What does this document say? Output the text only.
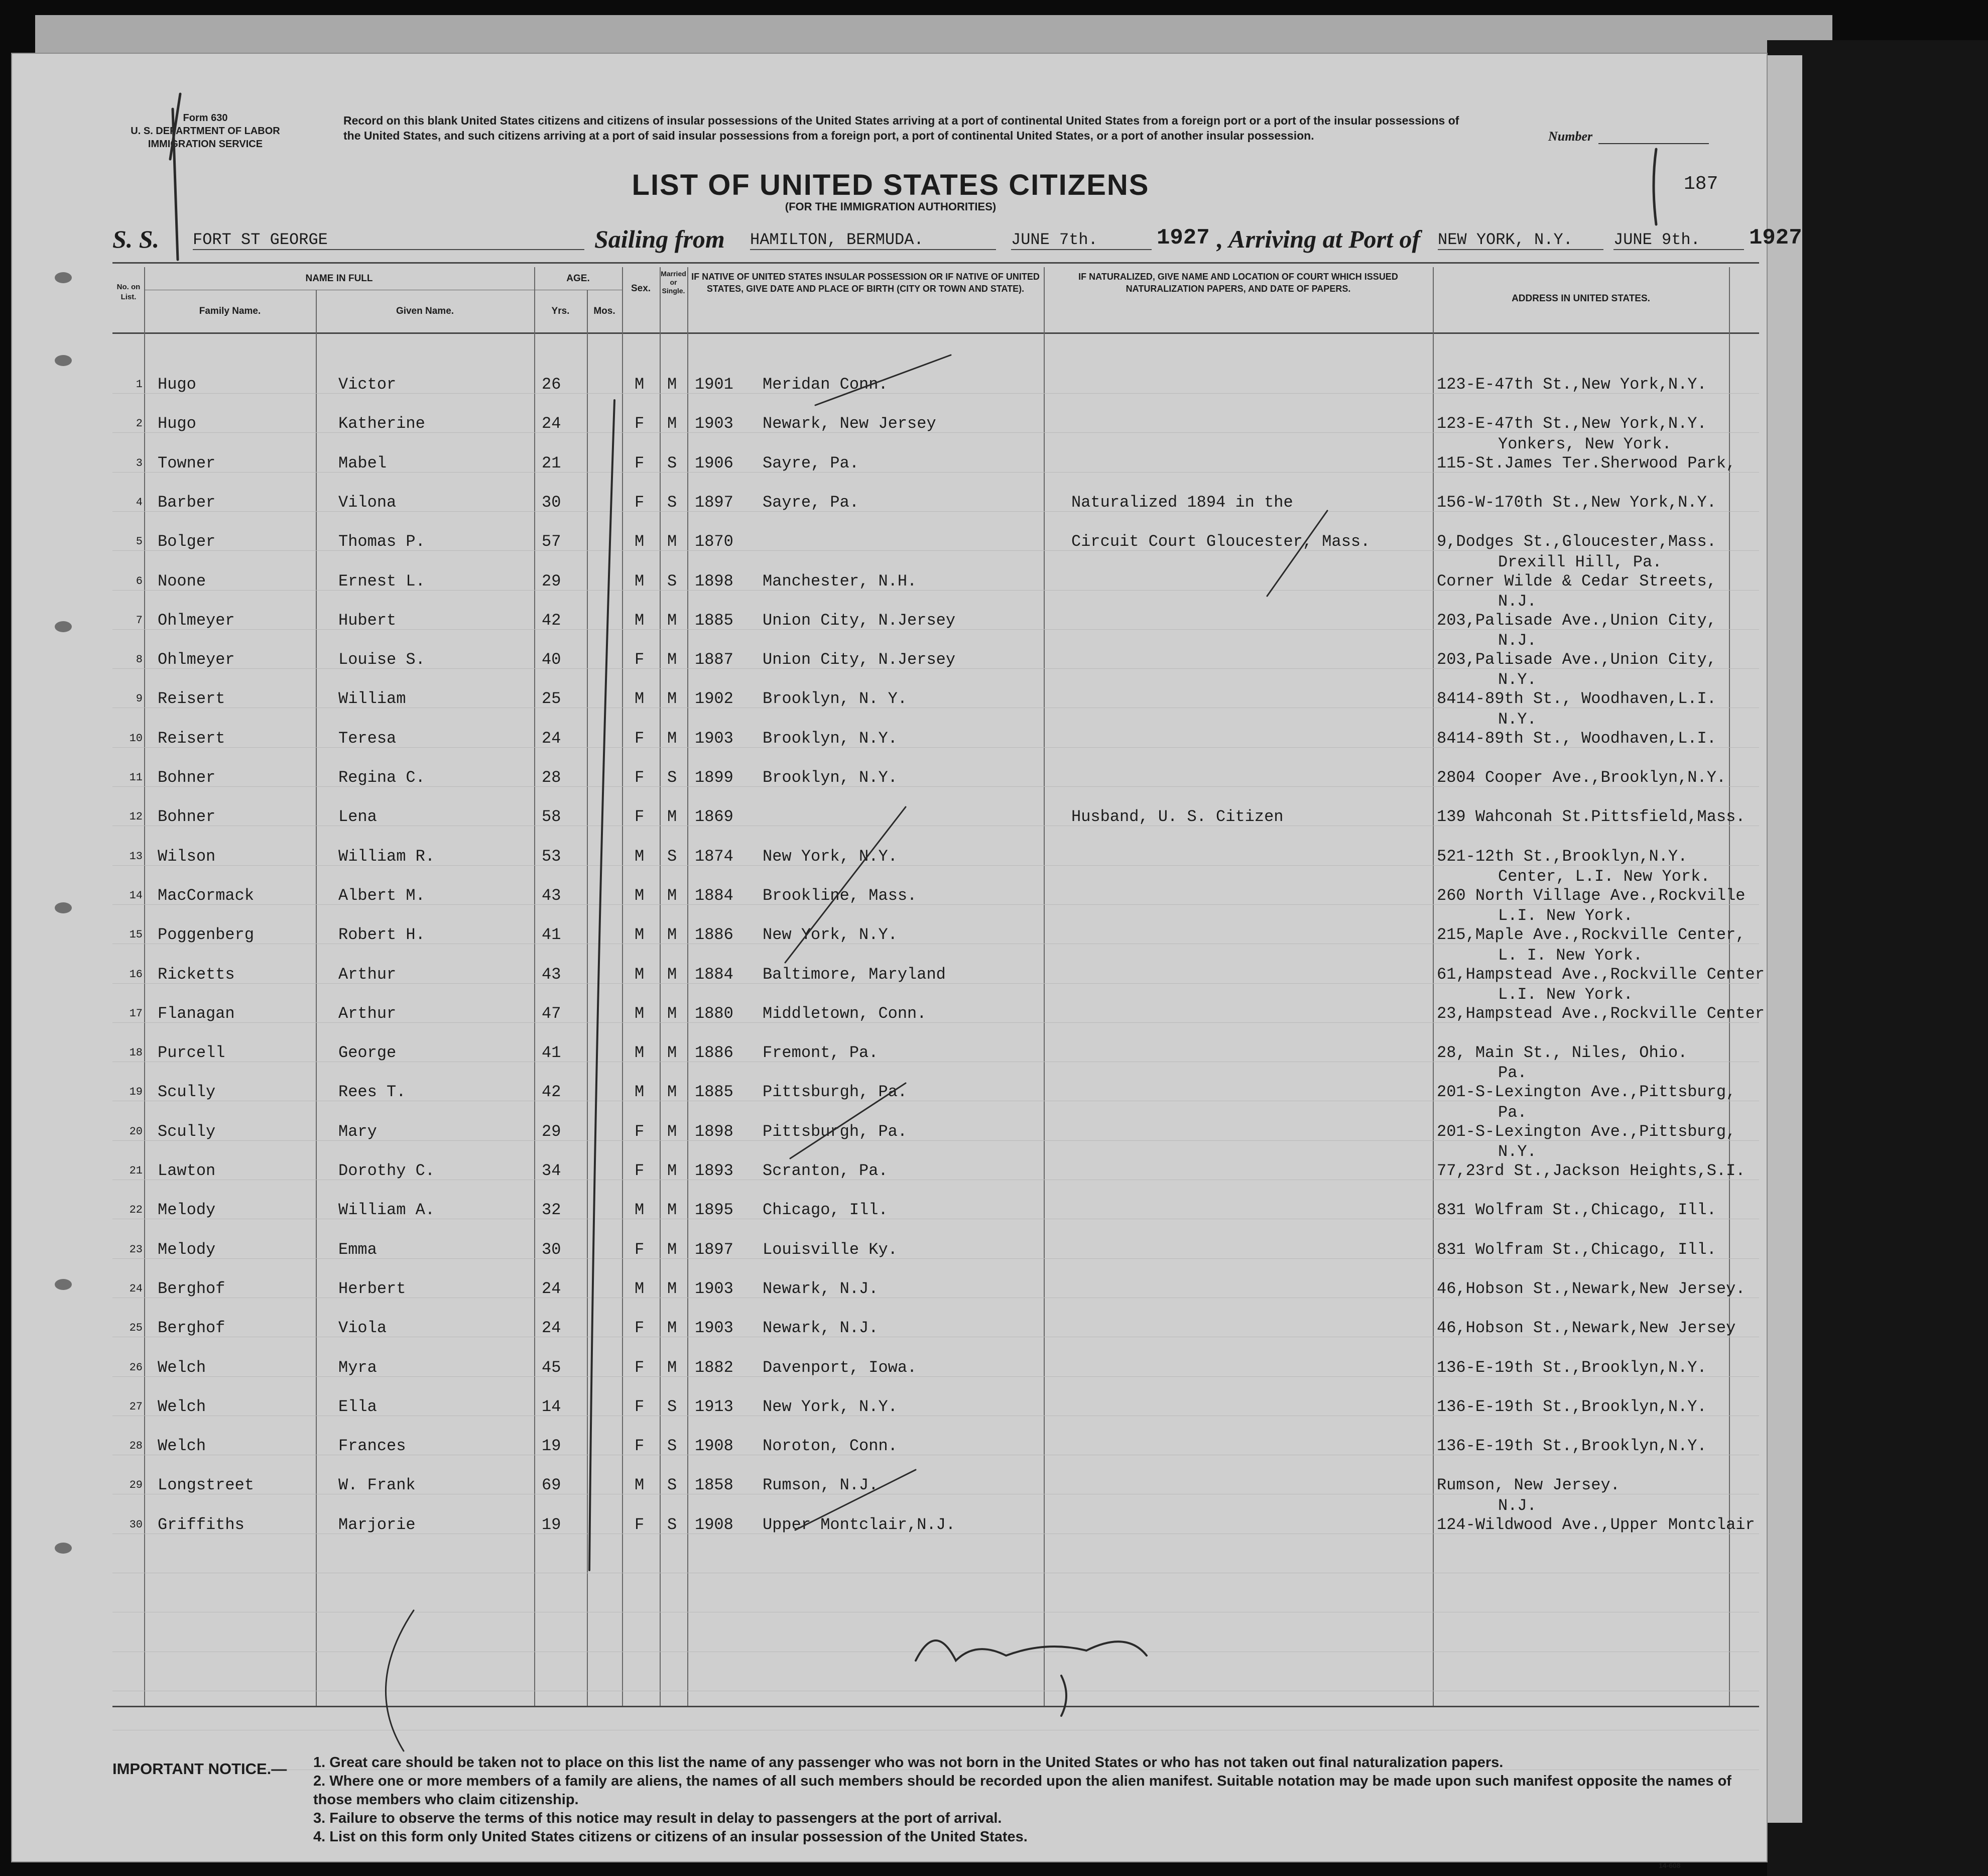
Form 630
U. S. DEPARTMENT OF LABOR
IMMIGRATION SERVICE
Record on this blank United States citizens and citizens of insular possessions of the United States arriving at a port of continental United States from a foreign port or a port of the insular possessions of the United States, and such citizens arriving at a port of said insular possessions from a foreign port, a port of continental United States, or a port of another insular possession.	Number
187
LIST OF UNITED STATES CITIZENS
(FOR THE IMMIGRATION AUTHORITIES)
S. S. FORT ST GEORGE	Sailing from HAMILTON, BERMUDA.	JUNE 7th.	1927 , Arriving at Port of NEW YORK, N.Y.	JUNE 9th.	1927
No. on List.
NAME IN FULL
Family Name.	Given Name.
AGE.
Yrs.	Mos.
Sex.
Married or Single.
IF NATIVE OF UNITED STATES INSULAR POSSESSION OR IF NATIVE OF UNITED STATES, GIVE DATE AND PLACE OF BIRTH (CITY OR TOWN AND STATE).
IF NATURALIZED, GIVE NAME AND LOCATION OF COURT WHICH ISSUED NATURALIZATION PAPERS, AND DATE OF PAPERS.
ADDRESS IN UNITED STATES.
1 Hugo	Victor	26	M M 1901 Meridan Conn.	123-E-47th St.,New York,N.Y.
2 Hugo	Katherine	24	F M 1903 Newark, New Jersey	123-E-47th St.,New York,N.Y.
3 Towner	Mabel	21	F S 1906 Sayre, Pa.	115-St.James Ter.Sherwood Park,
Yonkers, New York.
4 Barber	Vilona	30	F S 1897 Sayre, Pa.	Naturalized 1894 in the	156-W-170th St.,New York,N.Y.
5 Bolger	Thomas P.	57	M M 1870	Circuit Court Gloucester, Mass.	9,Dodges St.,Gloucester,Mass.
6 Noone	Ernest L.	29	M S 1898 Manchester, N.H.	Corner Wilde & Cedar Streets,
Drexill Hill, Pa.
7 Ohlmeyer	Hubert	42	M M 1885 Union City, N.Jersey	203,Palisade Ave.,Union City,
N.J.
8 Ohlmeyer	Louise S.	40	F M 1887 Union City, N.Jersey	203,Palisade Ave.,Union City,
N.J.
9 Reisert	William	25	M M 1902 Brooklyn, N. Y.	8414-89th St., Woodhaven,L.I.
N.Y.
10 Reisert	Teresa	24	F M 1903 Brooklyn, N.Y.	8414-89th St., Woodhaven,L.I.
N.Y.
11 Bohner	Regina C.	28	F S 1899 Brooklyn, N.Y.	2804 Cooper Ave.,Brooklyn,N.Y.
12 Bohner	Lena	58	F M 1869	Husband, U. S. Citizen	139 Wahconah St.Pittsfield,Mass.
13 Wilson	William R.	53	M S 1874 New York, N.Y.	521-12th St.,Brooklyn,N.Y.
14 MacCormack	Albert M.	43	M M 1884 Brookline, Mass.	260 North Village Ave.,Rockville
Center, L.I. New York.
15 Poggenberg	Robert H.	41	M M 1886 New York, N.Y.	215,Maple Ave.,Rockville Center,
L.I. New York.
16 Ricketts	Arthur	43	M M 1884 Baltimore, Maryland	61,Hampstead Ave.,Rockville Center
L. I. New York.
17 Flanagan	Arthur	47	M M 1880 Middletown, Conn.	23,Hampstead Ave.,Rockville Center
L.I. New York.
18 Purcell	George	41	M M 1886 Fremont, Pa.	28, Main St., Niles, Ohio.
19 Scully	Rees T.	42	M M 1885 Pittsburgh, Pa.	201-S-Lexington Ave.,Pittsburg,
Pa.
20 Scully	Mary	29	F M 1898 Pittsburgh, Pa.	201-S-Lexington Ave.,Pittsburg,
Pa.
21 Lawton	Dorothy C.	34	F M 1893 Scranton, Pa.	77,23rd St.,Jackson Heights,S.I.
N.Y.
22 Melody	William A.	32	M M 1895 Chicago, Ill.	831 Wolfram St.,Chicago, Ill.
23 Melody	Emma	30	F M 1897 Louisville Ky.	831 Wolfram St.,Chicago, Ill.
24 Berghof	Herbert	24	M M 1903 Newark, N.J.	46,Hobson St.,Newark,New Jersey.
25 Berghof	Viola	24	F M 1903 Newark, N.J.	46,Hobson St.,Newark,New Jersey
26 Welch	Myra	45	F M 1882 Davenport, Iowa.	136-E-19th St.,Brooklyn,N.Y.
27 Welch	Ella	14	F S 1913 New York, N.Y.	136-E-19th St.,Brooklyn,N.Y.
28 Welch	Frances	19	F S 1908 Noroton, Conn.	136-E-19th St.,Brooklyn,N.Y.
29 Longstreet	W. Frank	69	M S 1858 Rumson, N.J.	Rumson, New Jersey.
30 Griffiths	Marjorie	19	F S 1908 Upper Montclair,N.J.	124-Wildwood Ave.,Upper Montclair
N.J.
IMPORTANT NOTICE.— 1. Great care should be taken not to place on this list the name of any passenger who was not born in the United States or who has not taken out final naturalization papers.
2. Where one or more members of a family are aliens, the names of all such members should be recorded upon the alien manifest. Suitable notation may be made upon such manifest opposite the names of those members who claim citizenship.
3. Failure to observe the terms of this notice may result in delay to passengers at the port of arrival.
4. List on this form only United States citizens or citizens of an insular possession of the United States.
14-608
